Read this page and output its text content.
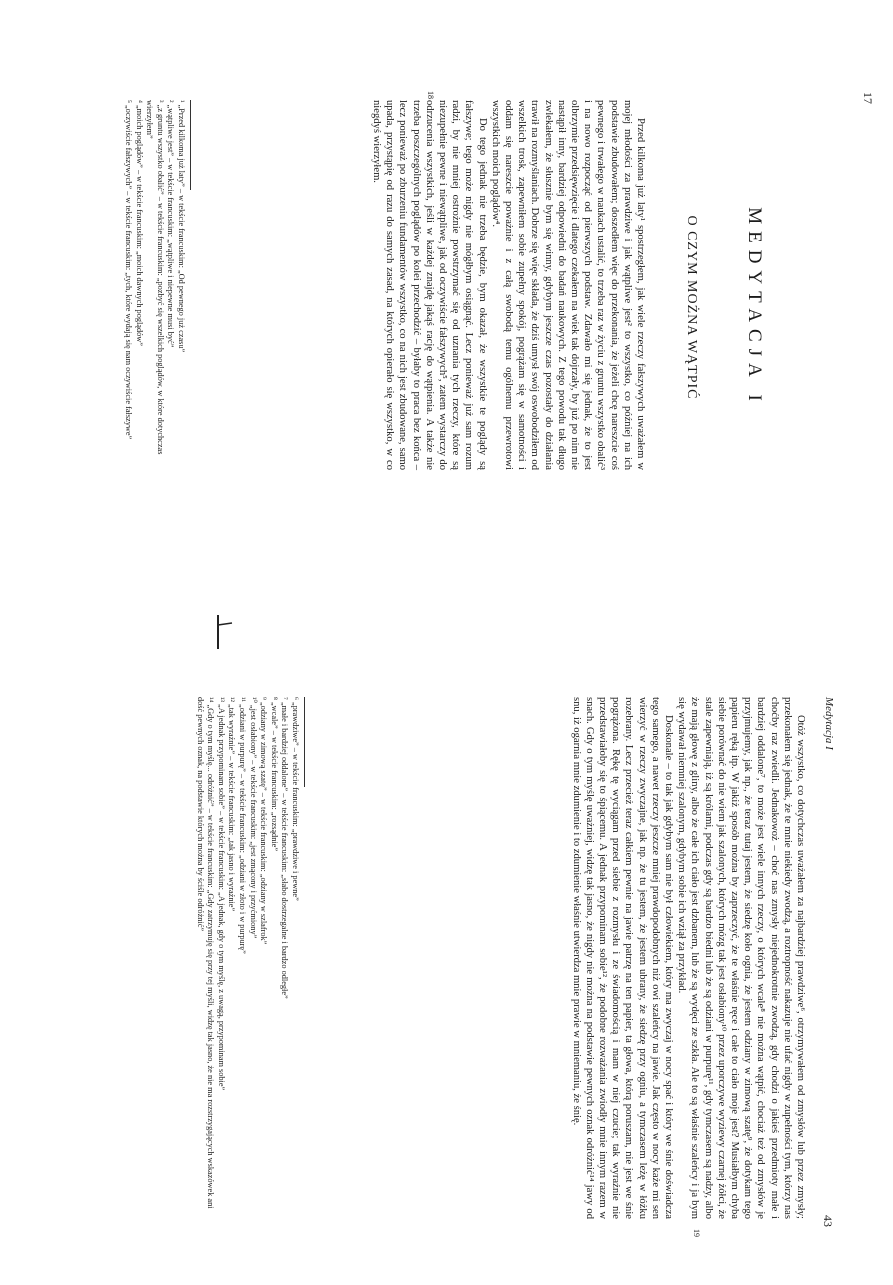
17
MEDYTACJA I
O CZYM MOŻNA WĄTPIĆ
18

Przed kilkoma już laty¹ spostrzegłem, jak wiele rzeczy fałszywych uważałem w mojej młodości za prawdziwe i jak wątpliwe jest² to wszystko, co później na ich podstawie zbudowałem; doszedłem więc do przekonania, że jeżeli chcę nareszcie coś pewnego i trwałego w naukach ustalić, to trzeba raz w życiu z gruntu wszystko obalić³ i na nowo rozpocząć od pierwszych podstaw. Zdawało mi się jednak, że to jest olbrzymie przedsięwzięcie i dlatego czekałem na wiek tak dojrzały, by już po nim nie nastąpił inny, bardziej odpowiedni do badań naukowych. Z tego powodu tak długo zwlekałem, że słusznie bym się winny, gdybym jeszcze czas pozostały do działania trawił na rozmyślaniach. Dobrze się więc składa, że dziś umysł swój oswobodziłem od wszelkich trosk, zapewniłem sobie zupełny spokój, pogrążam się w samotności i oddam się nareszcie poważnie i z całą swobodą temu ogólnemu przewrotowi wszystkich moich poglądów⁴.

Do tego jednak nie trzeba będzie, bym okazał, że wszystkie te poglądy są fałszywe; tego może nigdy nie mógłbym osiągnąć. Lecz ponieważ już sam rozum radzi, by nie mniej ostrożnie powstrzymać się od uznania tych rzeczy, które są niezupełnie pewne i niewątpliwe, jak od oczywiście fałszywych⁵, zatem wystarczy do odrzucenia wszystkich, jeśli w każdej znajdę jakąś rację do wątpienia. A także nie trzeba poszczególnych poglądów po kolei przechodzić – byłaby to praca bez końca – lecz ponieważ po zburzeniu fundamentów wszystko, co na nich jest zbudowane, samo upada, przystąpię od razu do samych zasad, na których opierało się wszystko, w co niegdyś wierzyłem.

¹ „Przed kilkoma już laty” – w tekście francuskim: „Od pewnego już czasu”
² „wątpliwe jest” – w tekście francuskim: „wątpliwe i niepewne musi być”
³ „z gruntu wszystko obalić” – w tekście francuskim: „pozbyć się wszelkich poglądów, w które dotychczas wierzyłem”
⁴ „moich poglądów” – w tekście francuskim: „moich dawnych poglądów”
⁵ „oczywiście fałszywych” – w tekście francuskim: „tych, które wydają się nam oczywiście fałszywe”
Medytacja I
43
19

Otóż wszystko, co dotychczas uważałem za najbardziej prawdziwe⁶, otrzymywałem od zmysłów lub przez zmysły; przekonałem się jednak, że te mnie niekiedy zwodzą, a roztropność nakazuje nie ufać nigdy w zupełności tym, którzy nas choćby raz zwiedli. Jednakowoż – choć nas zmysły niejednokrotnie zwodzą, gdy chodzi o jakieś przedmioty małe i bardziej oddalone⁷, to może jest wiele innych rzeczy, o których wcale⁸ nie można wątpić, chociaż też od zmysłów je przyjmujemy, jak np., że teraz tutaj jestem, że siedzę koło ognia, że jestem odziany w zimową szatę⁹, że dotykam tego papieru ręką itp. W jakiż sposób można by zaprzeczyć, że te właśnie ręce i całe to ciało moje jest? Musiałbym chyba siebie porównać do nie wiem jak szalonych, których mózg tak jest osłabiony¹⁰ przez uporczywe wyziewy czarnej żółci, że stale zapewniają, iż są królami, podczas gdy są bardzo biedni lub że są odziani w purpurę¹¹, gdy tymczasem są nadzy, albo że mają głowę z gliny, albo że całe ich ciało jest dzbanem, lub że są wydęci ze szkła. Ale to są właśnie szaleńcy i ja bym się wydawał niemniej szalonym, gdybym sobie ich wziął za przykład.

Doskonale – to tak jak gdybym sam nie był człowiekiem, który ma zwyczaj w nocy spać i który we śnie doświadcza tego samego, a nawet rzeczy jeszcze mniej prawdopodobnych niż owi szaleńcy na jawie. Jak często w nocy każe mi sen wierzyć w rzeczy zwyczajne, jak np. że tu jestem, że jestem ubrany, że siedzę przy ogniu, a tymczasem leżę w łóżku rozebrany. Lecz przecież teraz całkiem pewnie na jawie patrzę na ten papier, ta głowa, którą poruszam, nie jest we śnie pogrążona. Rękę tę wyciągam przed siebie z rozmysłu i ze świadomością i mam w niej czucie; tak wyraźnie nie przedstawiałoby się to śpiącemu. A jednak przypominam sobie¹², że podobne rozważania zwiodły mnie innym razem w snach. Gdy o tym myślę uważniej, widzę tak jasno, że nigdy nie można na podstawie pewnych oznak odróżnić¹⁴ jawy od snu, iż ogarnia mnie zdumienie i to zdumienie właśnie utwierdza mnie prawie w mniemaniu, że śnię.

⁶ „prawdziwe” – w tekście francuskim: „prawdziwe i pewne”
⁷ „małe i bardziej oddalone” – w tekście francuskim: „słabo dostrzegalne i bardzo odległe”
⁸ „wcale” – w tekście francuskim: „rozsądnie”
⁹ „odziany w zimową szatę” – w tekście francuskim: „odziany w szlafrok”
¹⁰ „jest osłabiony” – w tekście francuskim: „jest zmącony i przyćmiony”
¹¹ „odziani w purpurę” – w tekście francuskim: „odziani w złoto i w purpurę”
¹² „tak wyraźnie” – w tekście francuskim: „tak jasno i wyraźnie”
¹³ „A jednak przypominam sobie” – w tekście francuskim: „A jednak, gdy o tym myślę, z uwagą, przypominam sobie”
¹⁴ „Gdy o tym myślę... odróżnić” – w tekście francuskim: „Gdy zatrzymuję się przy tej myśli, widzę tak jasno, że nie ma rozstrzygających wskazówek ani dość pewnych oznak, na podstawie których można by ściśle odróżnić”
